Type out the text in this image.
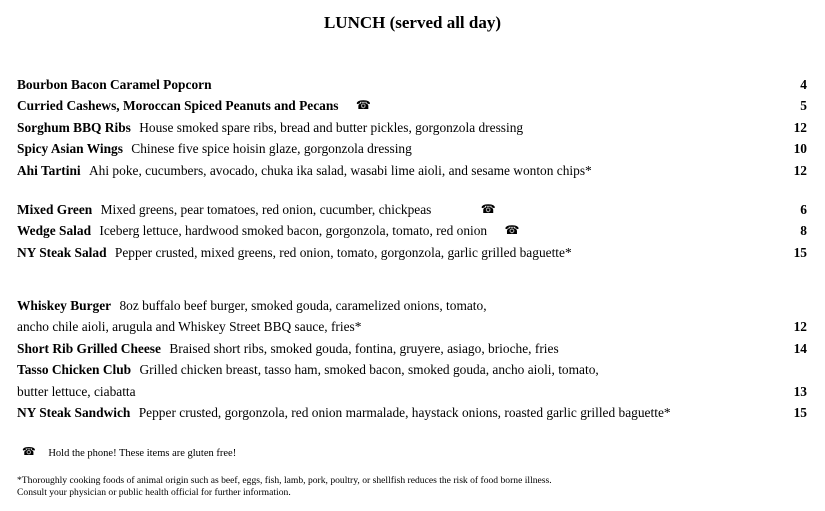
LUNCH (served all day)
Bourbon Bacon Caramel Popcorn	4
Curried Cashews, Moroccan Spiced Peanuts and Pecans ☎	5
Sorghum BBQ Ribs House smoked spare ribs, bread and butter pickles, gorgonzola dressing	12
Spicy Asian Wings Chinese five spice hoisin glaze, gorgonzola dressing	10
Ahi Tartini Ahi poke, cucumbers, avocado, chuka ika salad, wasabi lime aioli, and sesame wonton chips*	12
Mixed Green Mixed greens, pear tomatoes, red onion, cucumber, chickpeas	☎	6
Wedge Salad Iceberg lettuce, hardwood smoked bacon, gorgonzola, tomato, red onion ☎	8
NY Steak Salad Pepper crusted, mixed greens, red onion, tomato, gorgonzola, garlic grilled baguette*	15
Whiskey Burger 8oz buffalo beef burger, smoked gouda, caramelized onions, tomato,
ancho chile aioli, arugula and Whiskey Street BBQ sauce, fries*	12
Short Rib Grilled Cheese Braised short ribs, smoked gouda, fontina, gruyere, asiago, brioche, fries	14
Tasso Chicken Club Grilled chicken breast, tasso ham, smoked bacon, smoked gouda, ancho aioli, tomato,
butter lettuce, ciabatta	13
NY Steak Sandwich Pepper crusted, gorgonzola, red onion marmalade, haystack onions, roasted garlic grilled baguette*	15
☎ Hold the phone! These items are gluten free!
*Thoroughly cooking foods of animal origin such as beef, eggs, fish, lamb, pork, poultry, or shellfish reduces the risk of food borne illness.
Consult your physician or public health official for further information.
